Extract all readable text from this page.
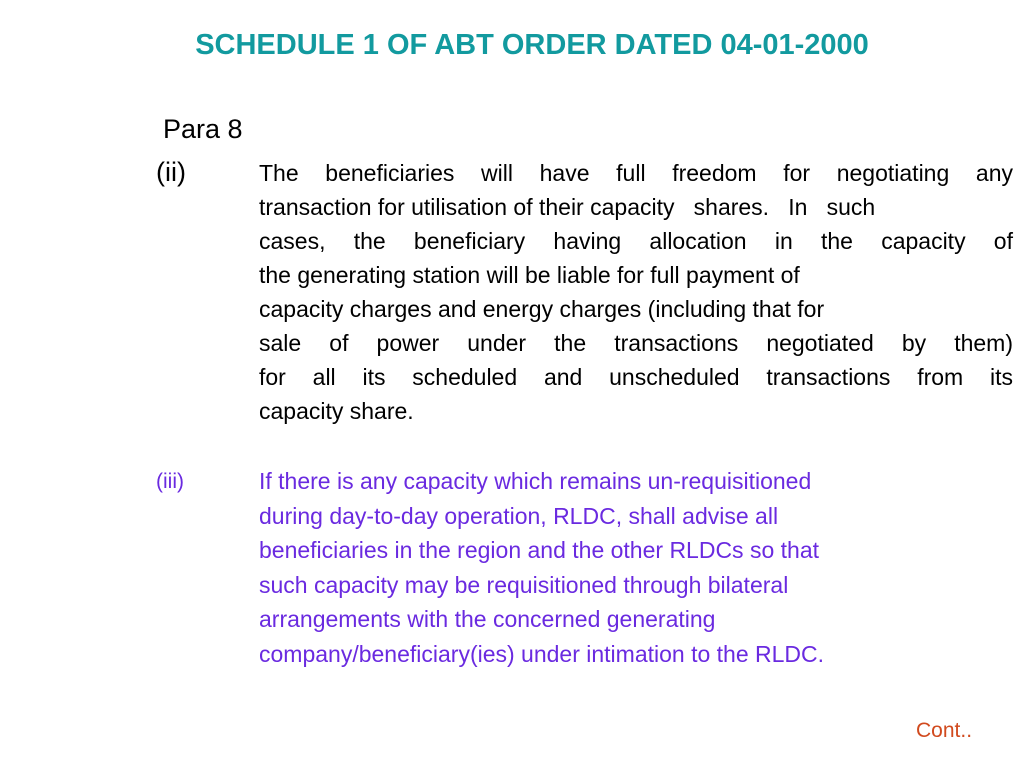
SCHEDULE 1 OF ABT ORDER DATED 04-01-2000
Para 8
(ii)	The beneficiaries will have full freedom for negotiating any
transaction for utilisation of their capacity   shares.   In   such
cases, the beneficiary having allocation in the capacity of
the generating station will be liable for full payment of
capacity charges and energy charges (including that for
sale of power under the transactions negotiated by them)
for all its scheduled and unscheduled transactions from its
capacity share.
(iii)	If there is any capacity which remains un-requisitioned
during day-to-day operation, RLDC, shall advise all
beneficiaries in the region and the other RLDCs so that
such capacity may be requisitioned through bilateral
arrangements with the concerned generating
company/beneficiary(ies) under intimation to the RLDC.
Cont..
